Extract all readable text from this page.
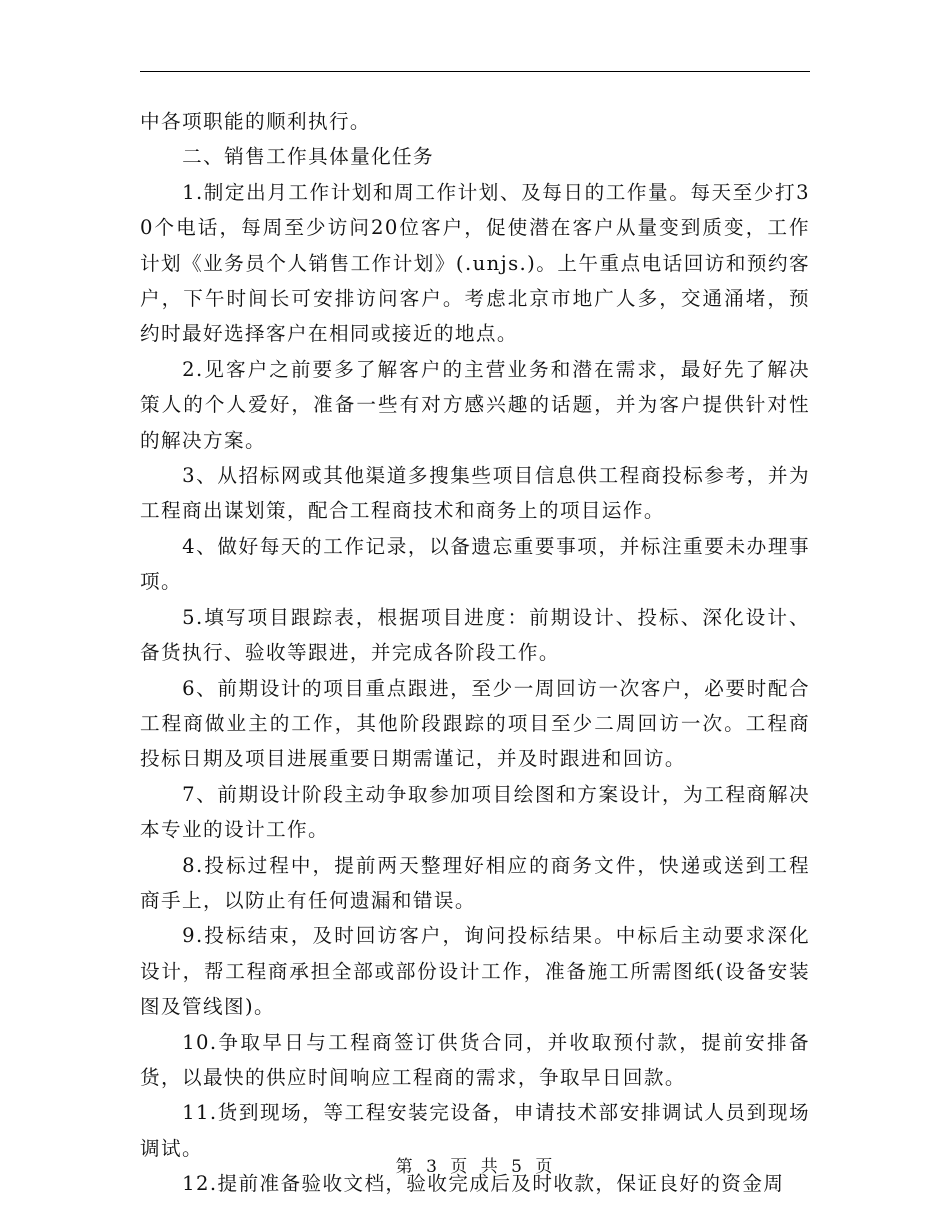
中各项职能的顺利执行。

二、销售工作具体量化任务

1.制定出月工作计划和周工作计划、及每日的工作量。每天至少打30个电话，每周至少访问20位客户，促使潜在客户从量变到质变，工作计划《业务员个人销售工作计划》(.unjs.)。上午重点电话回访和预约客户，下午时间长可安排访问客户。考虑北京市地广人多，交通涌堵，预约时最好选择客户在相同或接近的地点。

2.见客户之前要多了解客户的主营业务和潜在需求，最好先了解决策人的个人爱好，准备一些有对方感兴趣的话题，并为客户提供针对性的解决方案。

3、从招标网或其他渠道多搜集些项目信息供工程商投标参考，并为工程商出谋划策，配合工程商技术和商务上的项目运作。

4、做好每天的工作记录，以备遗忘重要事项，并标注重要未办理事项。

5.填写项目跟踪表，根据项目进度：前期设计、投标、深化设计、备货执行、验收等跟进，并完成各阶段工作。

6、前期设计的项目重点跟进，至少一周回访一次客户，必要时配合工程商做业主的工作，其他阶段跟踪的项目至少二周回访一次。工程商投标日期及项目进展重要日期需谨记，并及时跟进和回访。

7、前期设计阶段主动争取参加项目绘图和方案设计，为工程商解决本专业的设计工作。

8.投标过程中，提前两天整理好相应的商务文件，快递或送到工程商手上，以防止有任何遗漏和错误。

9.投标结束，及时回访客户，询问投标结果。中标后主动要求深化设计，帮工程商承担全部或部份设计工作，准备施工所需图纸(设备安装图及管线图)。

10.争取早日与工程商签订供货合同，并收取预付款，提前安排备货，以最快的供应时间响应工程商的需求，争取早日回款。

11.货到现场，等工程安装完设备，申请技术部安排调试人员到现场调试。

12.提前准备验收文档，验收完成后及时收款，保证良好的资金周

第 3 页 共 5 页
